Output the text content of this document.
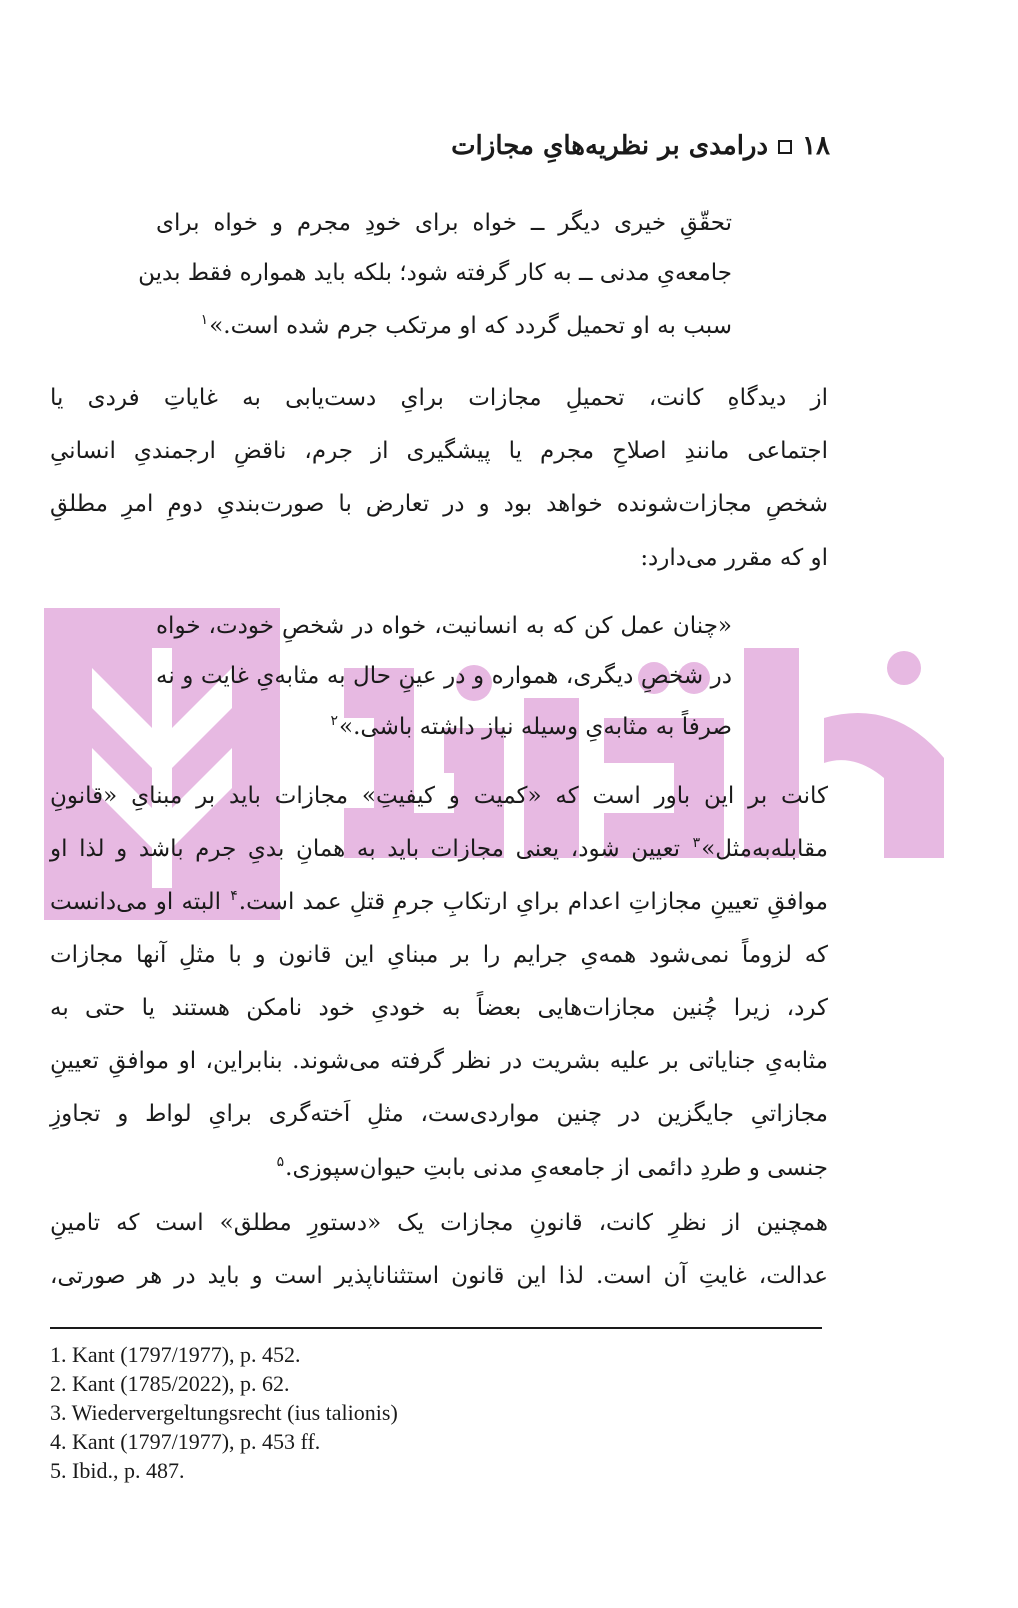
۱۸درامدی بر نظریه‌هایِ مجازات
تحقّقِ خیری دیگر ــ خواه برای خودِ مجرم و خواه برای
جامعه‌یِ مدنی ــ به کار گرفته شود؛ بلکه باید همواره فقط بدین
سبب به او تحمیل گردد که او مرتکب جرم شده است.»$^۱$
از دیدگاهِ کانت، تحمیلِ مجازات برایِ دست‌یابی به غایاتِ فردی یا
اجتماعی مانندِ اصلاحِ مجرم یا پیشگیری از جرم، ناقضِ ارجمندیِ انسانیِ
شخصِ مجازات‌شونده خواهد بود و در تعارض با صورت‌بندیِ دومِ امرِ مطلقِ
او که مقرر می‌دارد:
«چنان عمل کن که به انسانیت، خواه در شخصِ خودت، خواه
در شخصِ دیگری، همواره و در عینِ حال به مثابه‌یِ غایت و نه
صرفاً به مثابه‌یِ وسیله نیاز داشته باشی.»$^۲$
کانت بر این باور است که «کمیت و کیفیتِ» مجازات باید بر مبنایِ «قانونِ
مقابله‌به‌مثل»$^۳$ تعیین شود، یعنی مجازات باید به همانِ بدیِ جرم باشد و لذا او
موافقِ تعیینِ مجازاتِ اعدام برایِ ارتکابِ جرمِ قتلِ عمد است.$^۴$ البته او می‌دانست
که لزوماً نمی‌شود همه‌یِ جرایم را بر مبنایِ این قانون و با مثلِ آنها مجازات
کرد، زیرا چُنین مجازات‌هایی بعضاً به خودیِ خود نامکن هستند یا حتی به
مثابه‌یِ جنایاتی بر علیه بشریت در نظر گرفته می‌شوند. بنابراین، او موافقِ تعیینِ
مجازاتیِ جایگزین در چنین مواردی‌ست، مثلِ اَخته‌گری برایِ لواط و تجاوزِ
جنسی و طردِ دائمی از جامعه‌یِ مدنی بابتِ حیوان‌سپوزی.$^۵$
همچنین از نظرِ کانت، قانونِ مجازات یک «دستورِ مطلق» است که تامینِ
عدالت، غایتِ آن است. لذا این قانون استثناناپذیر است و باید در هر صورتی،
1. Kant (1797/1977), p. 452.
2. Kant (1785/2022), p. 62.
3. Wiedervergeltungsrecht (ius talionis)
4. Kant (1797/1977), p. 453 ff.
5. Ibid., p. 487.
